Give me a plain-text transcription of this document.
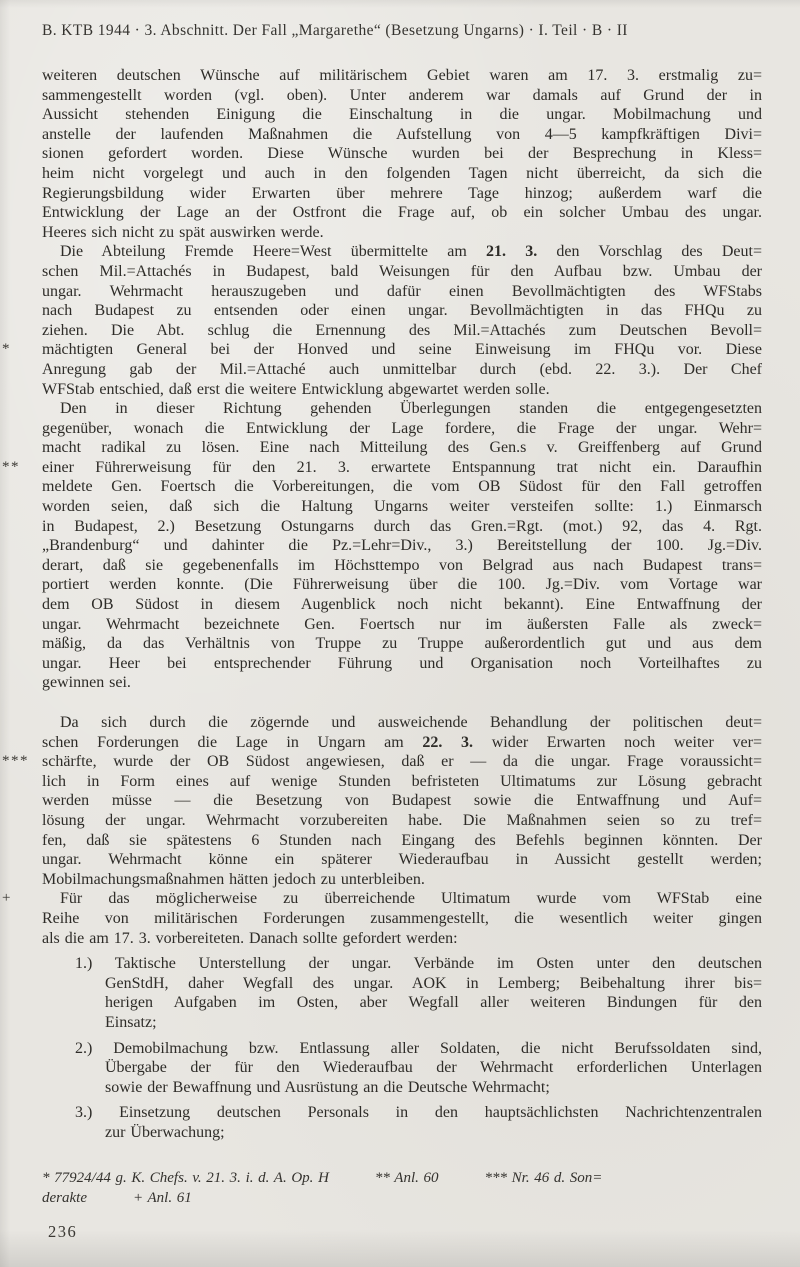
B. KTB 1944 · 3. Abschnitt. Der Fall „Margarethe“ (Besetzung Ungarns) · I. Teil · B · II
weiteren deutschen Wünsche auf militärischem Gebiet waren am 17. 3. erstmalig zu=
sammengestellt worden (vgl. oben). Unter anderem war damals auf Grund der in
Aussicht stehenden Einigung die Einschaltung in die ungar. Mobilmachung und
anstelle der laufenden Maßnahmen die Aufstellung von 4—5 kampfkräftigen Divi=
sionen gefordert worden. Diese Wünsche wurden bei der Besprechung in Kless=
heim nicht vorgelegt und auch in den folgenden Tagen nicht überreicht, da sich die
Regierungsbildung wider Erwarten über mehrere Tage hinzog; außerdem warf die
Entwicklung der Lage an der Ostfront die Frage auf, ob ein solcher Umbau des ungar.
Heeres sich nicht zu spät auswirken werde.
Die Abteilung Fremde Heere=West übermittelte am 21. 3. den Vorschlag des Deut=
schen Mil.=Attachés in Budapest, bald Weisungen für den Aufbau bzw. Umbau der
ungar. Wehrmacht herauszugeben und dafür einen Bevollmächtigten des WFStabs
nach Budapest zu entsenden oder einen ungar. Bevollmächtigten in das FHQu zu
ziehen. Die Abt. schlug die Ernennung des Mil.=Attachés zum Deutschen Bevoll=
mächtigten General bei der Honved und seine Einweisung im FHQu vor. Diese
*
Anregung gab der Mil.=Attaché auch unmittelbar durch (ebd. 22. 3.). Der Chef
WFStab entschied, daß erst die weitere Entwicklung abgewartet werden solle.
Den in dieser Richtung gehenden Überlegungen standen die entgegengesetzten
gegenüber, wonach die Entwicklung der Lage fordere, die Frage der ungar. Wehr=
macht radikal zu lösen. Eine nach Mitteilung des Gen.s v. Greiffenberg auf Grund
einer Führerweisung für den 21. 3. erwartete Entspannung trat nicht ein. Daraufhin
**
meldete Gen. Foertsch die Vorbereitungen, die vom OB Südost für den Fall getroffen
worden seien, daß sich die Haltung Ungarns weiter versteifen sollte: 1.) Einmarsch
in Budapest, 2.) Besetzung Ostungarns durch das Gren.=Rgt. (mot.) 92, das 4. Rgt.
„Brandenburg“ und dahinter die Pz.=Lehr=Div., 3.) Bereitstellung der 100. Jg.=Div.
derart, daß sie gegebenenfalls im Höchsttempo von Belgrad aus nach Budapest trans=
portiert werden konnte. (Die Führerweisung über die 100. Jg.=Div. vom Vortage war
dem OB Südost in diesem Augenblick noch nicht bekannt). Eine Entwaffnung der
ungar. Wehrmacht bezeichnete Gen. Foertsch nur im äußersten Falle als zweck=
mäßig, da das Verhältnis von Truppe zu Truppe außerordentlich gut und aus dem
ungar. Heer bei entsprechender Führung und Organisation noch Vorteilhaftes zu
gewinnen sei.
Da sich durch die zögernde und ausweichende Behandlung der politischen deut=
schen Forderungen die Lage in Ungarn am 22. 3. wider Erwarten noch weiter ver=
schärfte, wurde der OB Südost angewiesen, daß er — da die ungar. Frage voraussicht=
***
lich in Form eines auf wenige Stunden befristeten Ultimatums zur Lösung gebracht
werden müsse — die Besetzung von Budapest sowie die Entwaffnung und Auf=
lösung der ungar. Wehrmacht vorzubereiten habe. Die Maßnahmen seien so zu tref=
fen, daß sie spätestens 6 Stunden nach Eingang des Befehls beginnen könnten. Der
ungar. Wehrmacht könne ein späterer Wiederaufbau in Aussicht gestellt werden;
Mobilmachungsmaßnahmen hätten jedoch zu unterbleiben.
Für das möglicherweise zu überreichende Ultimatum wurde vom WFStab eine
+
Reihe von militärischen Forderungen zusammengestellt, die wesentlich weiter gingen
als die am 17. 3. vorbereiteten. Danach sollte gefordert werden:
1.) Taktische Unterstellung der ungar. Verbände im Osten unter den deutschen
GenStdH, daher Wegfall des ungar. AOK in Lemberg; Beibehaltung ihrer bis=
herigen Aufgaben im Osten, aber Wegfall aller weiteren Bindungen für den
Einsatz;
2.) Demobilmachung bzw. Entlassung aller Soldaten, die nicht Berufssoldaten sind,
Übergabe der für den Wiederaufbau der Wehrmacht erforderlichen Unterlagen
sowie der Bewaffnung und Ausrüstung an die Deutsche Wehrmacht;
3.) Einsetzung deutschen Personals in den hauptsächlichsten Nachrichtenzentralen
zur Überwachung;
* 77924/44 g. K. Chefs. v. 21. 3. i. d. A. Op. H	** Anl. 60	*** Nr. 46 d. Son=
derakte	+ Anl. 61
236
